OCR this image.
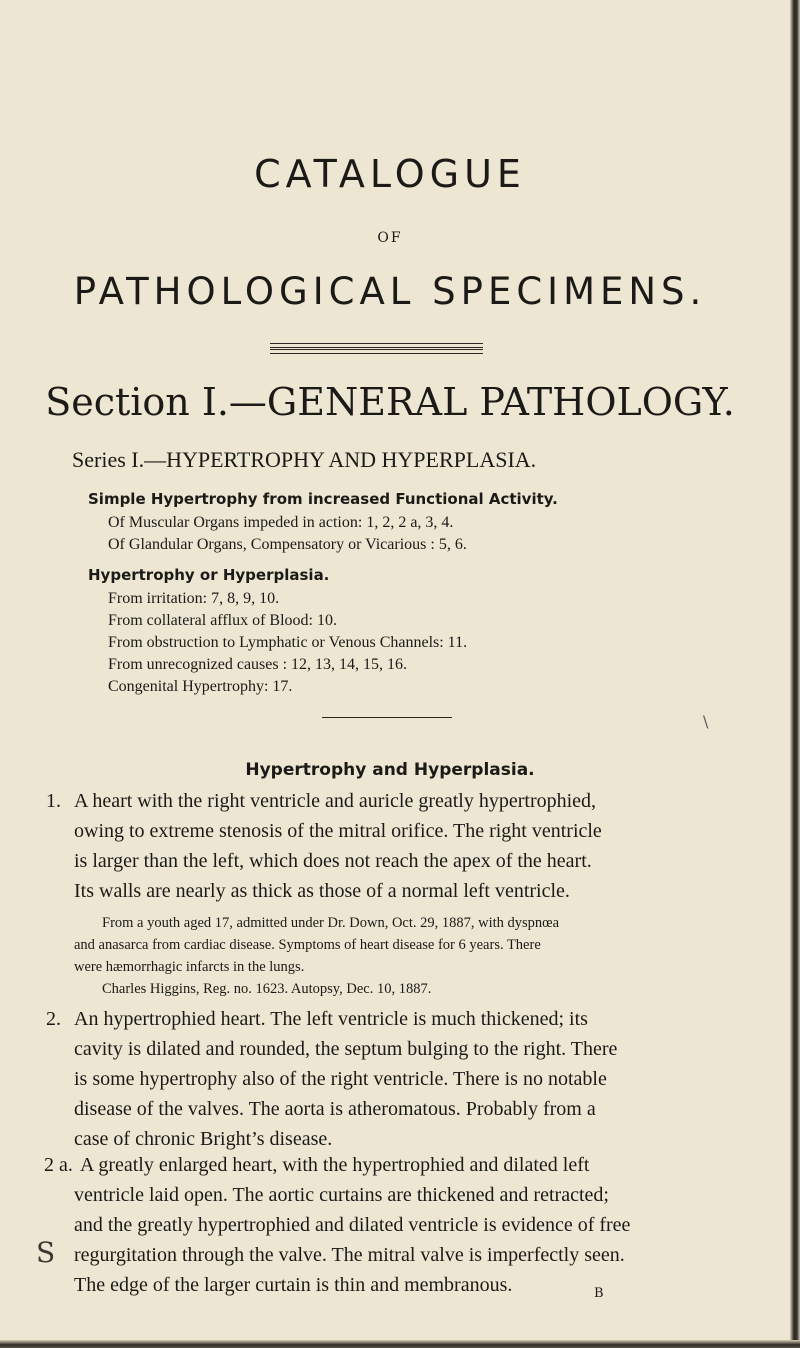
CATALOGUE
OF
PATHOLOGICAL SPECIMENS.
Section I.—GENERAL PATHOLOGY.
Series I.—HYPERTROPHY AND HYPERPLASIA.
Simple Hypertrophy from increased Functional Activity.
Of Muscular Organs impeded in action: 1, 2, 2 a, 3, 4.
Of Glandular Organs, Compensatory or Vicarious : 5, 6.
Hypertrophy or Hyperplasia.
From irritation: 7, 8, 9, 10.
From collateral afflux of Blood: 10.
From obstruction to Lymphatic or Venous Channels: 11.
From unrecognized causes : 12, 13, 14, 15, 16.
Congenital Hypertrophy: 17.
\
Hypertrophy and Hyperplasia.
1. A heart with the right ventricle and auricle greatly hypertrophied,
owing to extreme stenosis of the mitral orifice. The right ventricle
is larger than the left, which does not reach the apex of the heart.
Its walls are nearly as thick as those of a normal left ventricle.
From a youth aged 17, admitted under Dr. Down, Oct. 29, 1887, with dyspnœa
and anasarca from cardiac disease. Symptoms of heart disease for 6 years. There
were hæmorrhagic infarcts in the lungs.
Charles Higgins, Reg. no. 1623. Autopsy, Dec. 10, 1887.
2. An hypertrophied heart. The left ventricle is much thickened; its
cavity is dilated and rounded, the septum bulging to the right. There
is some hypertrophy also of the right ventricle. There is no notable
disease of the valves. The aorta is atheromatous. Probably from a
case of chronic Bright’s disease.
2 a. A greatly enlarged heart, with the hypertrophied and dilated left
ventricle laid open. The aortic curtains are thickened and retracted;
and the greatly hypertrophied and dilated ventricle is evidence of free
regurgitation through the valve. The mitral valve is imperfectly seen.
The edge of the larger curtain is thin and membranous.
S
B
